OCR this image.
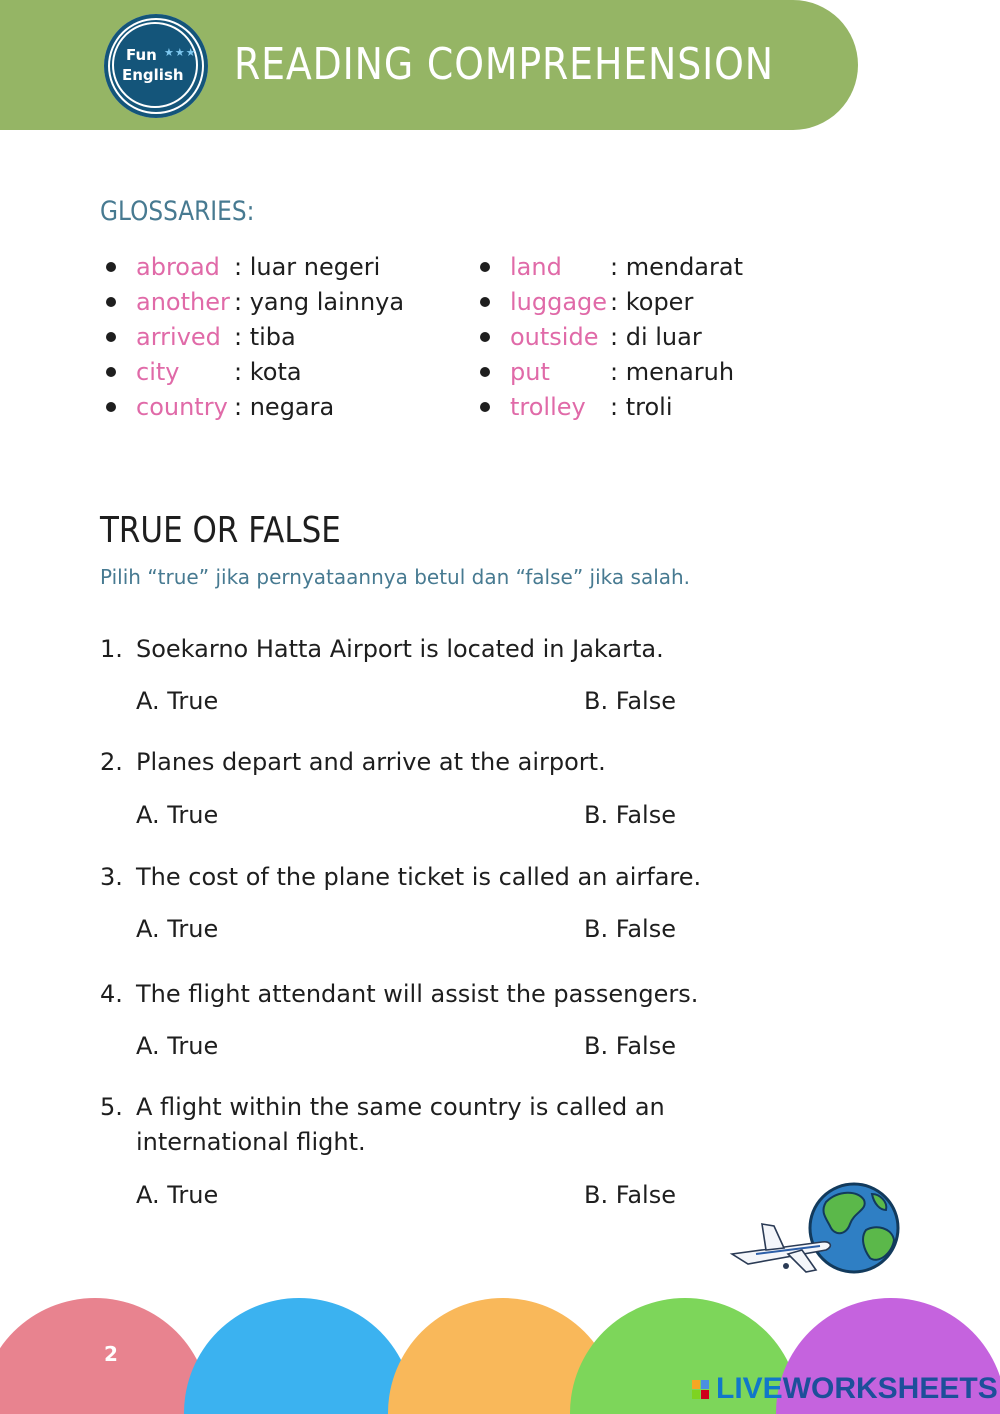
Fun ★★★
English READING COMPREHENSION
GLOSSARIES:
abroad : luar negeri
another : yang lainnya
arrived : tiba
city : kota
country : negara
land : mendarat
luggage : koper
outside : di luar
put	: menaruh
trolley : troli
TRUE OR FALSE
Pilih “true” jika pernyataannya betul dan “false” jika salah.
1. Soekarno Hatta Airport is located in Jakarta.
A. True	B. False
2. Planes depart and arrive at the airport.
A. True	B. False
3. The cost of the plane ticket is called an airfare.
A. True	B. False
4. The flight attendant will assist the passengers.
A. True	B. False
5. A flight within the same country is called an international flight.
A. True	B. False
2
LIVEWORKSHEETS
